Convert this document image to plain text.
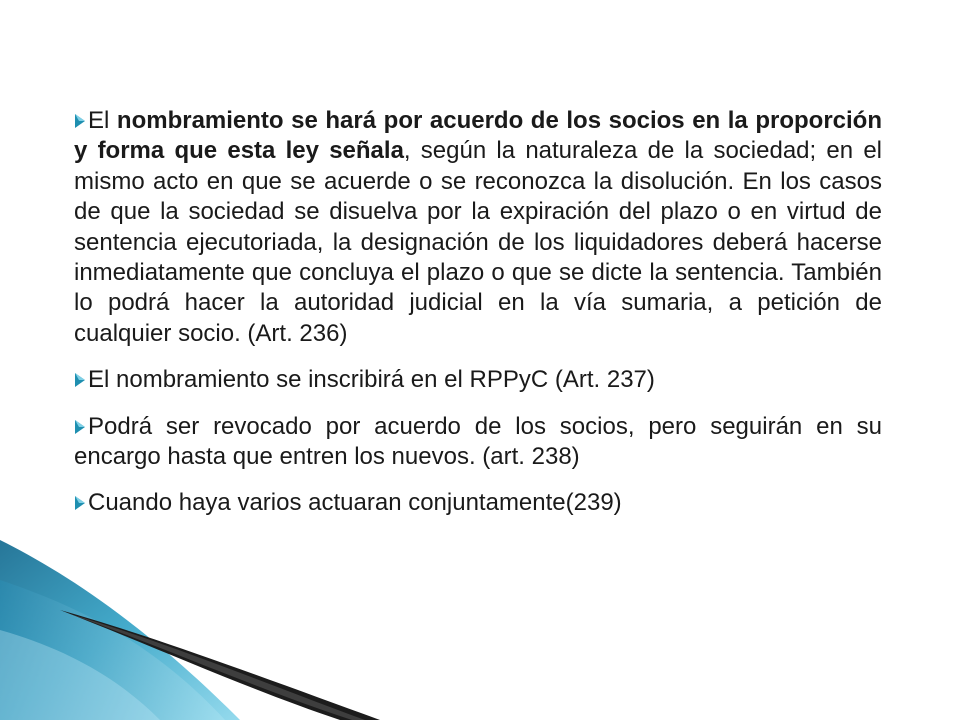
El nombramiento se hará por acuerdo de los socios en la proporción y forma que esta ley señala, según la naturaleza de la sociedad; en el mismo acto en que se acuerde o se reconozca la disolución. En los casos de que la sociedad se disuelva por la expiración del plazo o en virtud de sentencia ejecutoriada, la designación de los liquidadores deberá hacerse inmediatamente que concluya el plazo o que se dicte la sentencia. También lo podrá hacer la autoridad judicial en la vía sumaria, a petición de cualquier socio. (Art. 236)

El nombramiento se inscribirá en el RPPyC (Art. 237)

Podrá ser revocado por acuerdo de los socios, pero seguirán en su encargo hasta que entren los nuevos. (art. 238)

Cuando haya varios actuaran conjuntamente(239)
